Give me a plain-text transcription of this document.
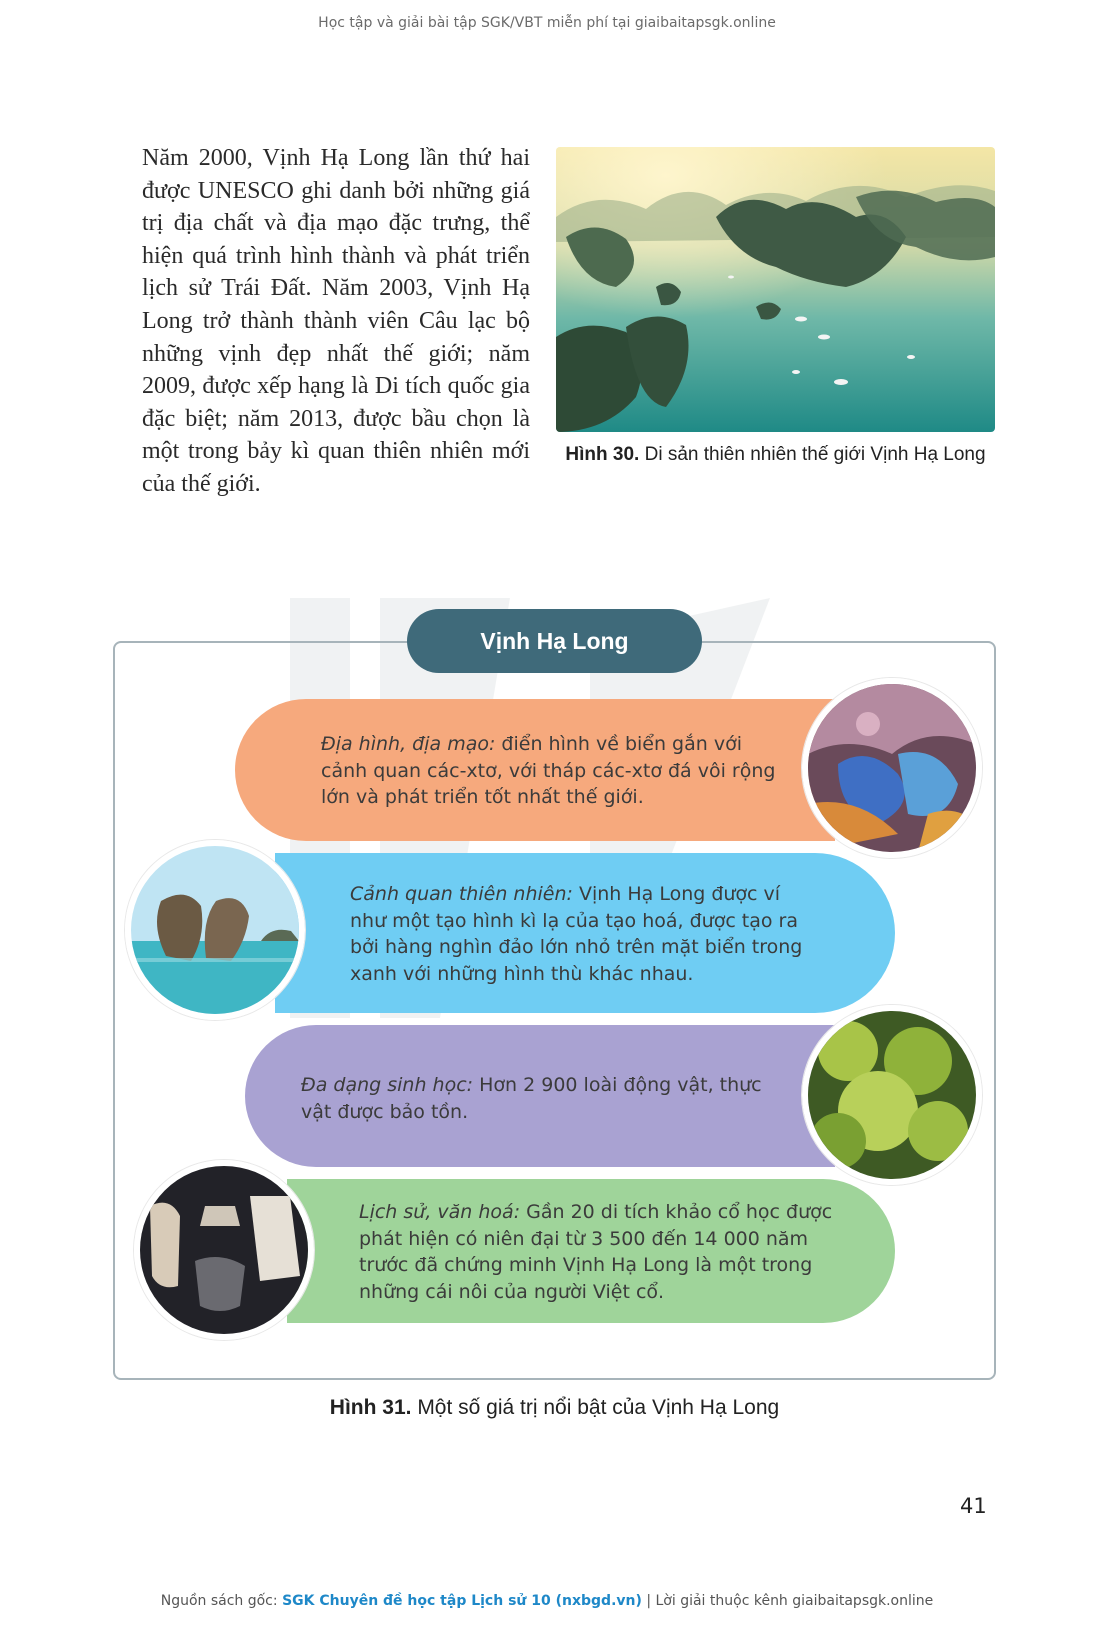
Học tập và giải bài tập SGK/VBT miễn phí tại giaibaitapsgk.online
Năm 2000, Vịnh Hạ Long lần thứ hai được UNESCO ghi danh bởi những giá trị địa chất và địa mạo đặc trưng, thể hiện quá trình hình thành và phát triển lịch sử Trái Đất. Năm 2003, Vịnh Hạ Long trở thành thành viên Câu lạc bộ những vịnh đẹp nhất thế giới; năm 2009, được xếp hạng là Di tích quốc gia đặc biệt; năm 2013, được bầu chọn là một trong bảy kì quan thiên nhiên mới của thế giới.
Hình 30. Di sản thiên nhiên thế giới Vịnh Hạ Long
Vịnh Hạ Long
Địa hình, địa mạo: điển hình về biển gắn với cảnh quan các-xtơ, với tháp các-xtơ đá vôi rộng lớn và phát triển tốt nhất thế giới.
Cảnh quan thiên nhiên: Vịnh Hạ Long được ví như một tạo hình kì lạ của tạo hoá, được tạo ra bởi hàng nghìn đảo lớn nhỏ trên mặt biển trong xanh với những hình thù khác nhau.
Đa dạng sinh học: Hơn 2 900 loài động vật, thực vật được bảo tồn.
Lịch sử, văn hoá: Gần 20 di tích khảo cổ học được phát hiện có niên đại từ 3 500 đến 14 000 năm trước đã chứng minh Vịnh Hạ Long là một trong những cái nôi của người Việt cổ.
Hình 31. Một số giá trị nổi bật của Vịnh Hạ Long
41
Nguồn sách gốc: SGK Chuyên đề học tập Lịch sử 10 (nxbgd.vn) | Lời giải thuộc kênh giaibaitapsgk.online
